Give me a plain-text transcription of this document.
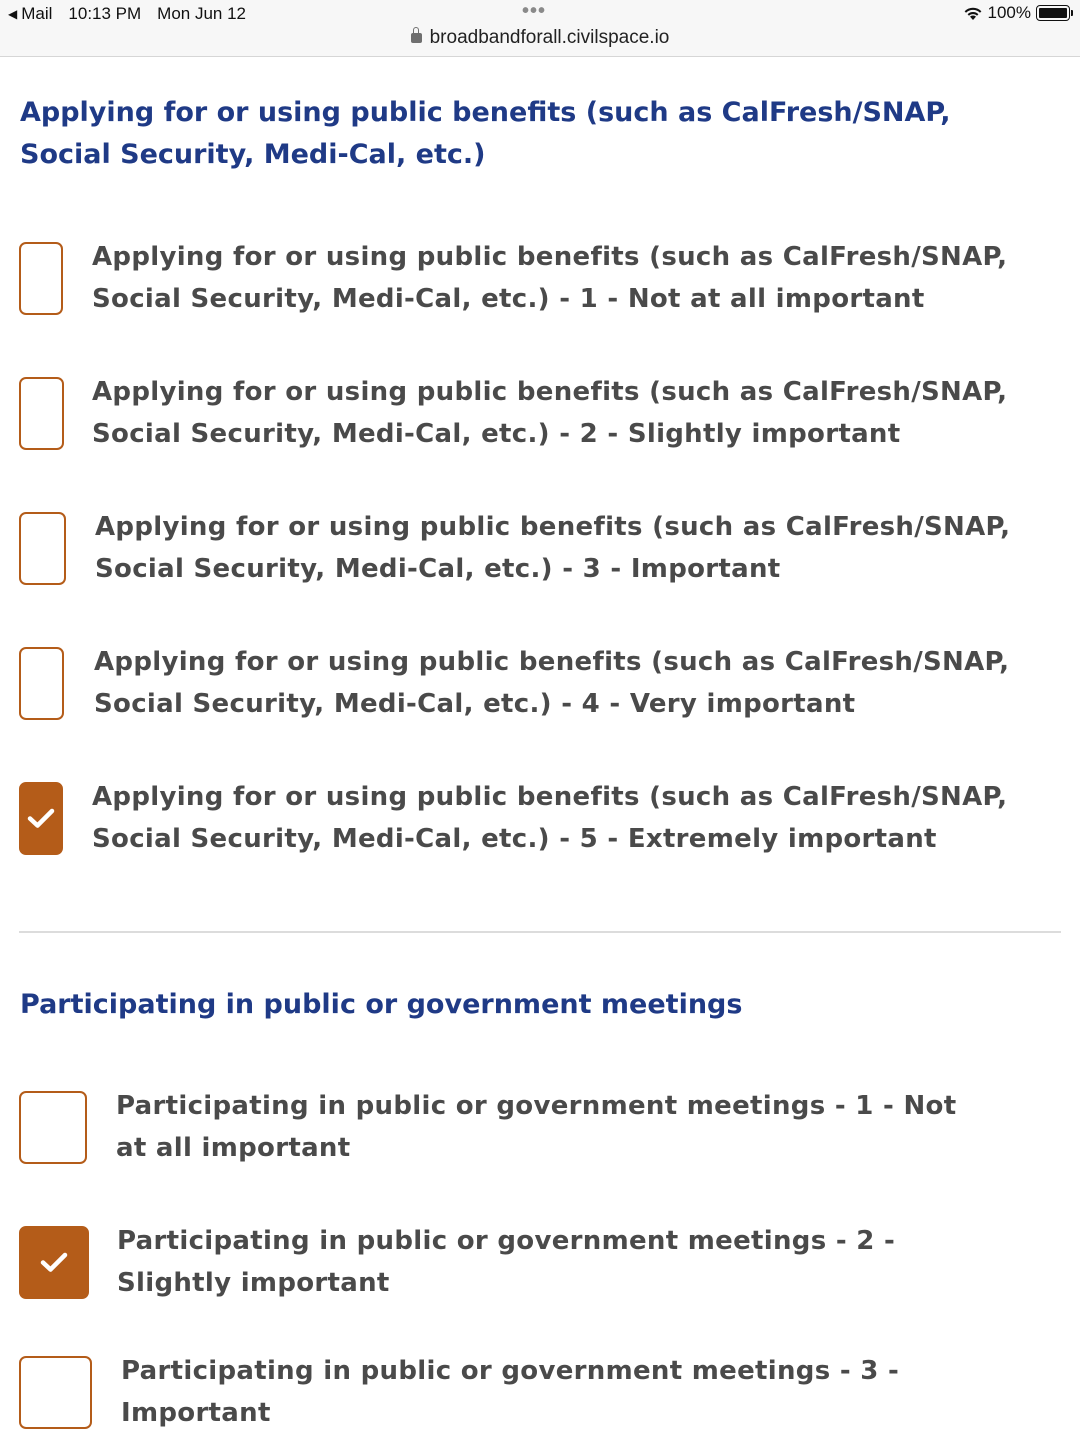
◀ Mail 10:13 PM Mon Jun 12	•••	100%
broadbandforall.civilspace.io
Applying for or using public benefits (such as CalFresh/SNAP, Social Security, Medi-Cal, etc.)
Applying for or using public benefits (such as CalFresh/SNAP, Social Security, Medi-Cal, etc.) - 1 - Not at all important
Applying for or using public benefits (such as CalFresh/SNAP, Social Security, Medi-Cal, etc.) - 2 - Slightly important
Applying for or using public benefits (such as CalFresh/SNAP, Social Security, Medi-Cal, etc.) - 3 - Important
Applying for or using public benefits (such as CalFresh/SNAP, Social Security, Medi-Cal, etc.) - 4 - Very important
Applying for or using public benefits (such as CalFresh/SNAP, Social Security, Medi-Cal, etc.) - 5 - Extremely important
Participating in public or government meetings
Participating in public or government meetings - 1 - Not at all important
Participating in public or government meetings - 2 - Slightly important
Participating in public or government meetings - 3 - Important
